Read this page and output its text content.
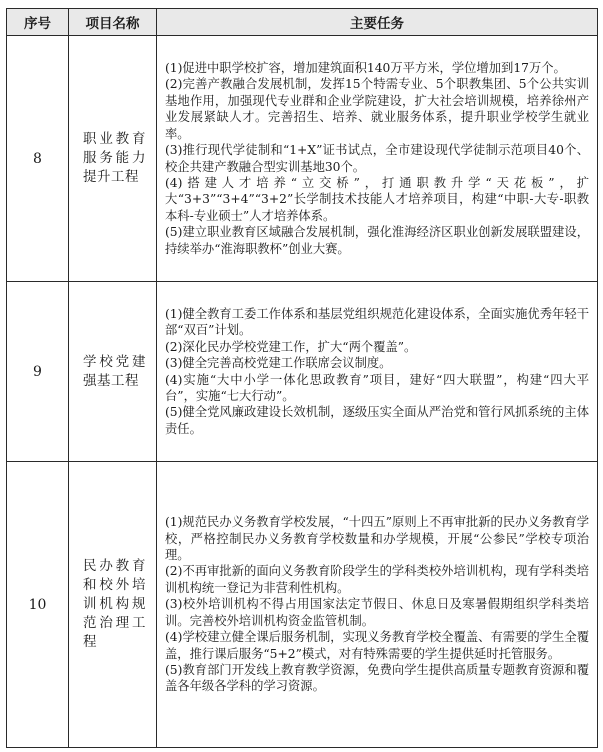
序号	项目名称	主要任务
8	职业教育服务能力提升工程	(1)促进中职学校扩容，增加建筑面积140万平方米，学位增加到17万个。

(2)完善产教融合发展机制，发挥15个特需专业、5个职教集团、5个公共实训基地作用，加强现代专业群和企业学院建设，扩大社会培训规模，培养徐州产业发展紧缺人才。完善招生、培养、就业服务体系，提升职业学校学生就业率。

(3)推行现代学徒制和“1+X”证书试点，全市建设现代学徒制示范项目40个、校企共建产教融合型实训基地30个。

(4)搭建人才培养“立交桥”，打通职教升学“天花板”，扩大“3+3”“3+4”“3+2”长学制技术技能人才培养项目，构建“中职-大专-职教本科-专业硕士”人才培养体系。

(5)建立职业教育区域融合发展机制，强化淮海经济区职业创新发展联盟建设，持续举办“淮海职教杯”创业大赛。

9	学校党建强基工程	(1)健全教育工委工作体系和基层党组织规范化建设体系，全面实施优秀年轻干部“双百”计划。

(2)深化民办学校党建工作，扩大“两个覆盖”。

(3)健全完善高校党建工作联席会议制度。

(4)实施“大中小学一体化思政教育”项目，建好“四大联盟”，构建“四大平台”，实施“七大行动”。

(5)健全党风廉政建设长效机制，逐级压实全面从严治党和管行风抓系统的主体责任。

10	民办教育和校外培训机构规范治理工程	(1)规范民办义务教育学校发展，“十四五”原则上不再审批新的民办义务教育学校，严格控制民办义务教育学校数量和办学规模，开展“公参民”学校专项治理。

(2)不再审批新的面向义务教育阶段学生的学科类校外培训机构，现有学科类培训机构统一登记为非营利性机构。

(3)校外培训机构不得占用国家法定节假日、休息日及寒暑假期组织学科类培训。完善校外培训机构资金监管机制。

(4)学校建立健全课后服务机制，实现义务教育学校全覆盖、有需要的学生全覆盖，推行课后服务“5+2”模式，对有特殊需要的学生提供延时托管服务。

(5)教育部门开发线上教育教学资源，免费向学生提供高质量专题教育资源和覆盖各年级各学科的学习资源。
